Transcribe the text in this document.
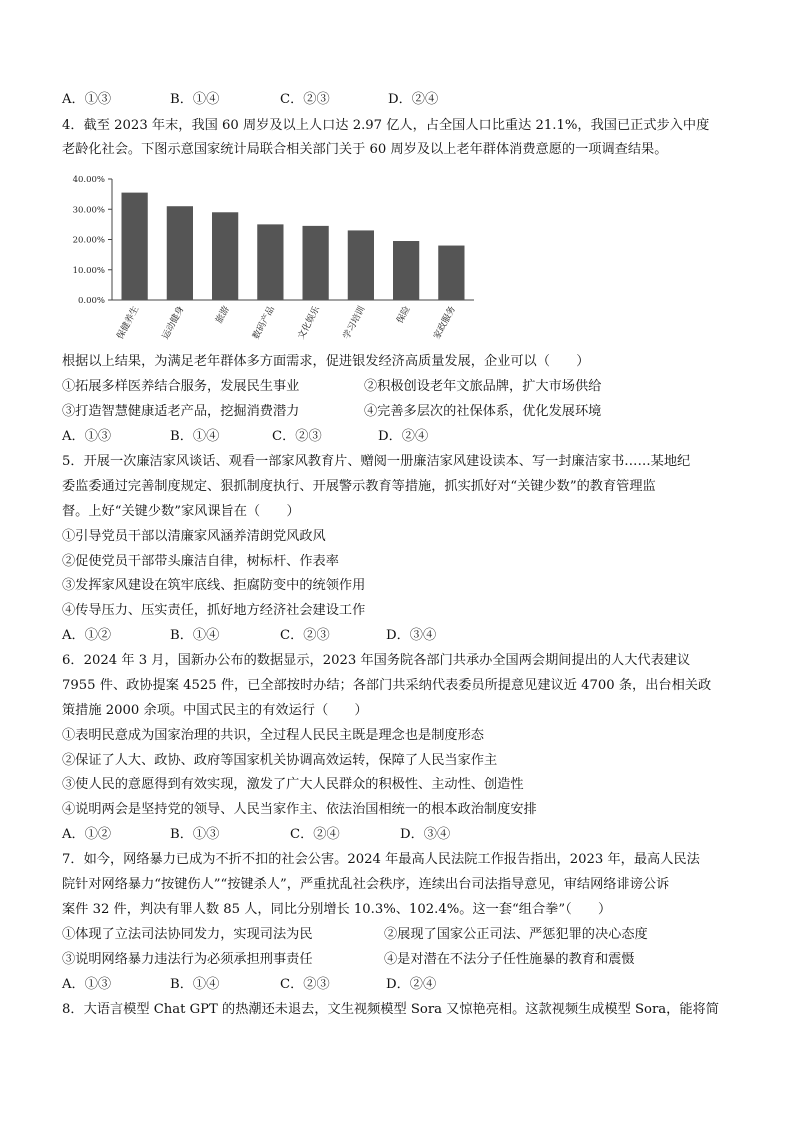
A．①③	B．①④	C．②③	D．②④
4．截至 2023 年末，我国 60 周岁及以上人口达 2.97 亿人，占全国人口比重达 21.1%，我国已正式步入中度
老龄化社会。下图示意国家统计局联合相关部门关于 60 周岁及以上老年群体消费意愿的一项调查结果。
40.00%
30.00%
20.00%
10.00%
0.00%
保健养生 运动健身	旅游 数码产品 文化娱乐 学习培训	保险 家政服务
根据以上结果，为满足老年群体多方面需求，促进银发经济高质量发展，企业可以（　　）
①拓展多样医养结合服务，发展民生事业	②积极创设老年文旅品牌，扩大市场供给
③打造智慧健康适老产品，挖掘消费潜力	④完善多层次的社保体系，优化发展环境
A．①③	B．①④	C．②③	D．②④
5．开展一次廉洁家风谈话、观看一部家风教育片、赠阅一册廉洁家风建设读本、写一封廉洁家书……某地纪
委监委通过完善制度规定、狠抓制度执行、开展警示教育等措施，抓实抓好对“关键少数”的教育管理监
督。上好“关键少数”家风课旨在（　　）
①引导党员干部以清廉家风涵养清朗党风政风
②促使党员干部带头廉洁自律，树标杆、作表率
③发挥家风建设在筑牢底线、拒腐防变中的统领作用
④传导压力、压实责任，抓好地方经济社会建设工作
A．①②	B．①④	C．②③	D．③④
6．2024 年 3 月，国新办公布的数据显示，2023 年国务院各部门共承办全国两会期间提出的人大代表建议
7955 件、政协提案 4525 件，已全部按时办结；各部门共采纳代表委员所提意见建议近 4700 条，出台相关政
策措施 2000 余项。中国式民主的有效运行（　　）
①表明民意成为国家治理的共识，全过程人民民主既是理念也是制度形态
②保证了人大、政协、政府等国家机关协调高效运转，保障了人民当家作主
③使人民的意愿得到有效实现，激发了广大人民群众的积极性、主动性、创造性
④说明两会是坚持党的领导、人民当家作主、依法治国相统一的根本政治制度安排
A．①②	B．①③	C．②④	D．③④
7．如今，网络暴力已成为不折不扣的社会公害。2024 年最高人民法院工作报告指出，2023 年，最高人民法
院针对网络暴力“按键伤人”“按键杀人”，严重扰乱社会秩序，连续出台司法指导意见，审结网络诽谤公诉
案件 32 件，判决有罪人数 85 人，同比分别增长 10.3%、102.4%。这一套“组合拳”（　　）
①体现了立法司法协同发力，实现司法为民	②展现了国家公正司法、严惩犯罪的决心态度
③说明网络暴力违法行为必须承担刑事责任	④是对潜在不法分子任性施暴的教育和震慑
A．①③	B．①④	C．②③	D．②④
8．大语言模型 Chat GPT 的热潮还未退去，文生视频模型 Sora 又惊艳亮相。这款视频生成模型 Sora，能将简
